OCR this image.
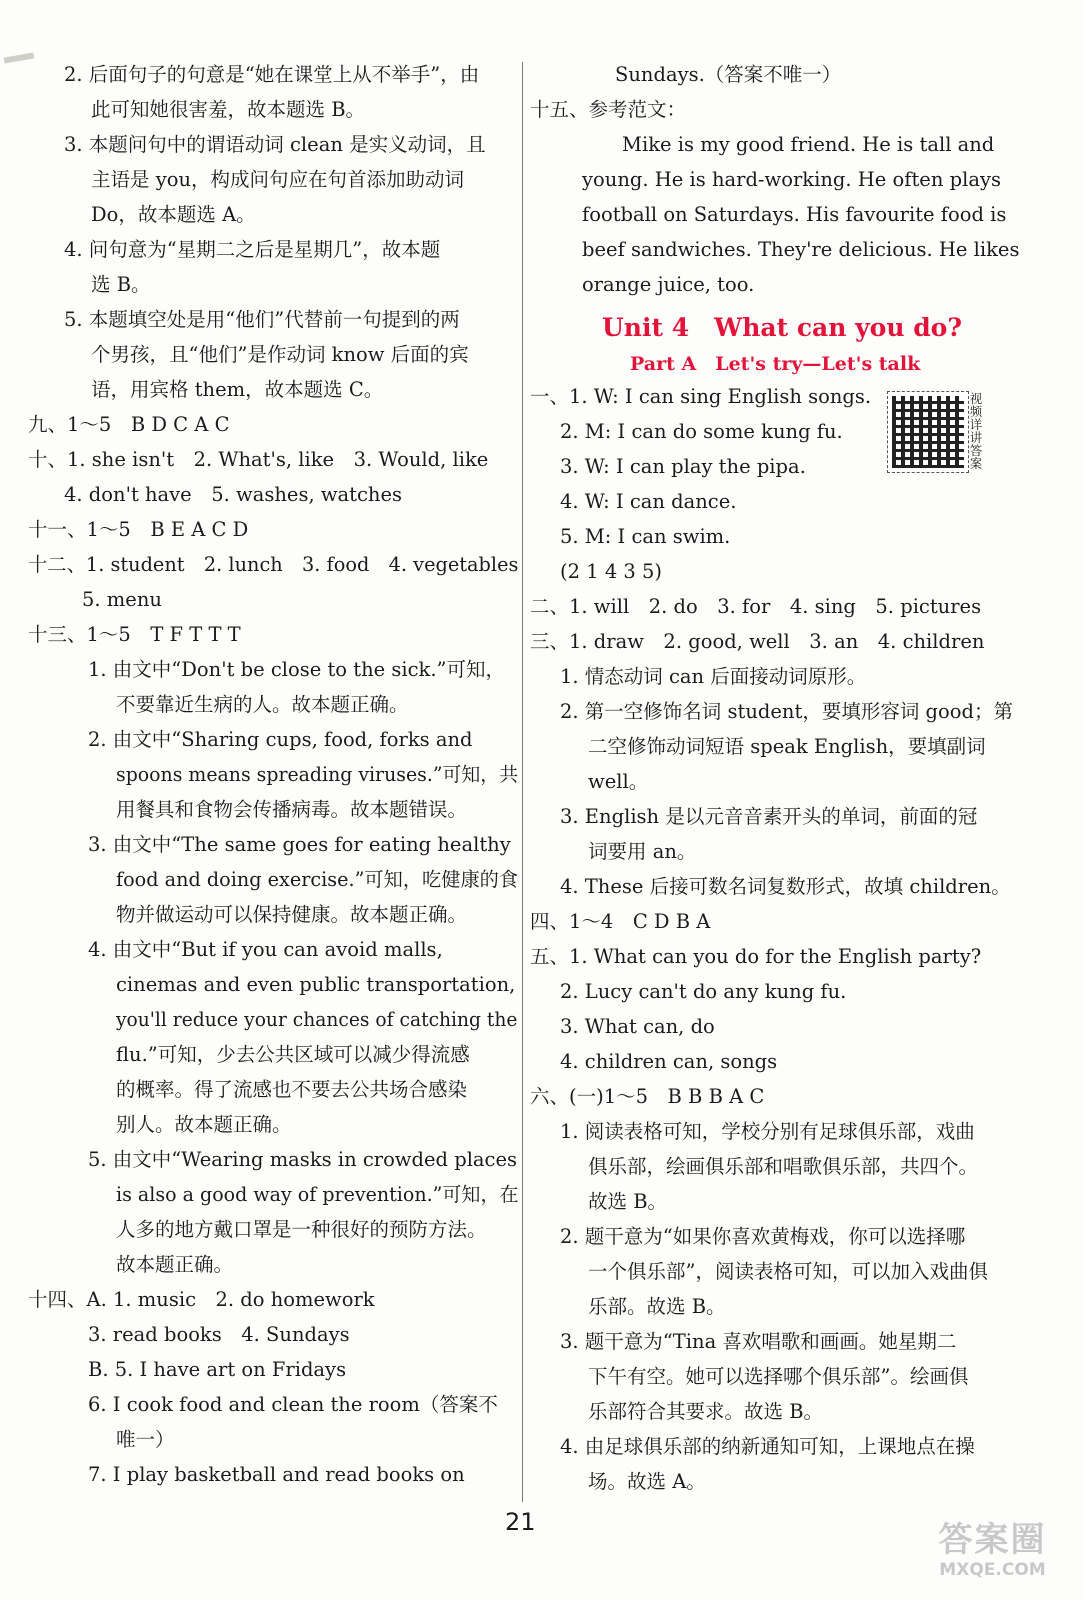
2. 后面句子的句意是“她在课堂上从不举手”，由
此可知她很害羞，故本题选 B。
3. 本题问句中的谓语动词 clean 是实义动词，且
主语是 you，构成问句应在句首添加助动词
Do，故本题选 A。
4. 问句意为“星期二之后是星期几”，故本题
选 B。
5. 本题填空处是用“他们”代替前一句提到的两
个男孩，且“他们”是作动词 know 后面的宾
语，用宾格 them，故本题选 C。
九、1～5　B D C A C
十、1. she isn't　2. What's, like　3. Would, like
4. don't have　5. washes, watches
十一、1～5　B E A C D
十二、1. student　2. lunch　3. food　4. vegetables
5. menu
十三、1～5　T F T T T
1. 由文中“Don't be close to the sick.”可知，
不要靠近生病的人。故本题正确。
2. 由文中“Sharing cups, food, forks and
spoons means spreading viruses.”可知，共
用餐具和食物会传播病毒。故本题错误。
3. 由文中“The same goes for eating healthy
food and doing exercise.”可知，吃健康的食
物并做运动可以保持健康。故本题正确。
4. 由文中“But if you can avoid malls,
cinemas and even public transportation,
you'll reduce your chances of catching the
flu.”可知，少去公共区域可以减少得流感
的概率。得了流感也不要去公共场合感染
别人。故本题正确。
5. 由文中“Wearing masks in crowded places
is also a good way of prevention.”可知，在
人多的地方戴口罩是一种很好的预防方法。
故本题正确。
十四、A. 1. music　2. do homework
3. read books　4. Sundays
B. 5. I have art on Fridays
6. I cook food and clean the room（答案不
唯一）
7. I play basketball and read books on
Sundays.（答案不唯一）
十五、参考范文：
Mike is my good friend. He is tall and
young. He is hard-working. He often plays
football on Saturdays. His favourite food is
beef sandwiches. They're delicious. He likes
orange juice, too.
Unit 4　What can you do?
Part A　Let's try—Let's talk
视频详讲答案
一、1. W: I can sing English songs.
2. M: I can do some kung fu.
3. W: I can play the pipa.
4. W: I can dance.
5. M: I can swim.
(2 1 4 3 5)
二、1. will　2. do　3. for　4. sing　5. pictures
三、1. draw　2. good, well　3. an　4. children
1. 情态动词 can 后面接动词原形。
2. 第一空修饰名词 student，要填形容词 good；第
二空修饰动词短语 speak English，要填副词
well。
3. English 是以元音音素开头的单词，前面的冠
词要用 an。
4. These 后接可数名词复数形式，故填 children。
四、1～4　C D B A
五、1. What can you do for the English party?
2. Lucy can't do any kung fu.
3. What can, do
4. children can, songs
六、(一)1～5　B B B A C
1. 阅读表格可知，学校分别有足球俱乐部，戏曲
俱乐部，绘画俱乐部和唱歌俱乐部，共四个。
故选 B。
2. 题干意为“如果你喜欢黄梅戏，你可以选择哪
一个俱乐部”，阅读表格可知，可以加入戏曲俱
乐部。故选 B。
3. 题干意为“Tina 喜欢唱歌和画画。她星期二
下午有空。她可以选择哪个俱乐部”。绘画俱
乐部符合其要求。故选 B。
4. 由足球俱乐部的纳新通知可知，上课地点在操
场。故选 A。
21	答案圈
MXQE.COM
